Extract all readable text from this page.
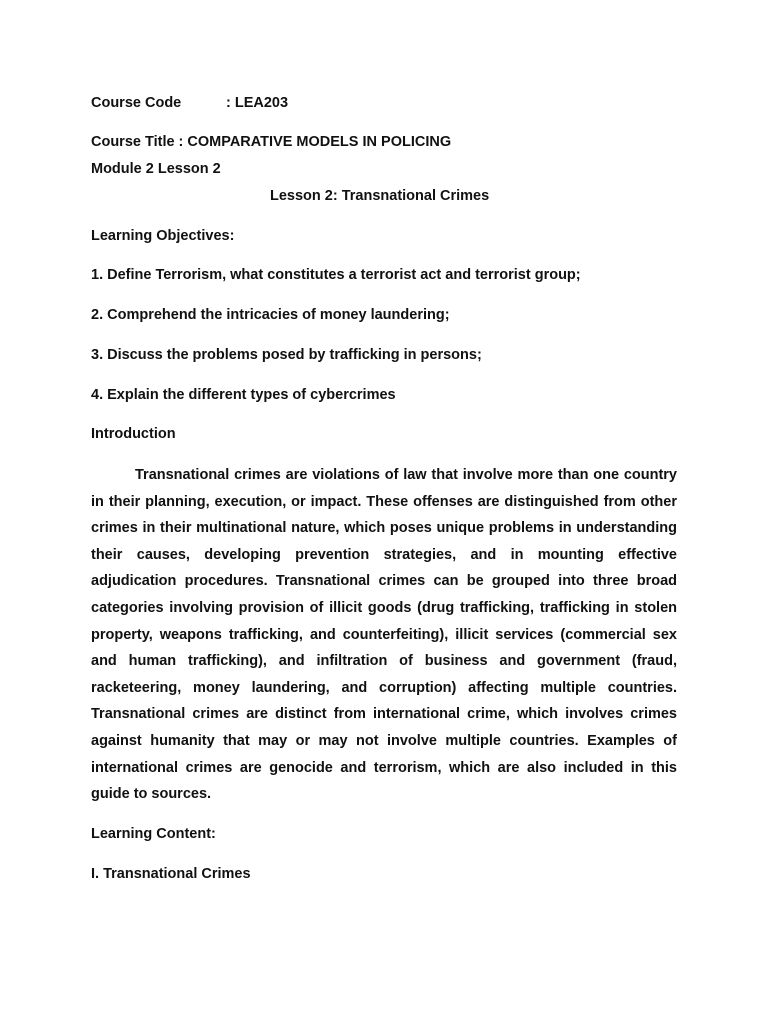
Course Code	: LEA203
Course Title : COMPARATIVE MODELS IN POLICING
Module 2 Lesson 2
Lesson 2: Transnational Crimes
Learning Objectives:
1. Define Terrorism, what constitutes a terrorist act and terrorist group;
2. Comprehend the intricacies of money laundering;
3. Discuss the problems posed by trafficking in persons;
4. Explain the different types of cybercrimes
Introduction

Transnational crimes are violations of law that involve more than one country in their planning, execution, or impact. These offenses are distinguished from other crimes in their multinational nature, which poses unique problems in understanding their causes, developing prevention strategies, and in mounting effective adjudication procedures. Transnational crimes can be grouped into three broad categories involving provision of illicit goods (drug trafficking, trafficking in stolen property, weapons trafficking, and counterfeiting), illicit services (commercial sex and human trafficking), and infiltration of business and government (fraud, racketeering, money laundering, and corruption) affecting multiple countries. Transnational crimes are distinct from international crime, which involves crimes against humanity that may or may not involve multiple countries. Examples of international crimes are genocide and terrorism, which are also included in this guide to sources.

Learning Content:
I. Transnational Crimes
